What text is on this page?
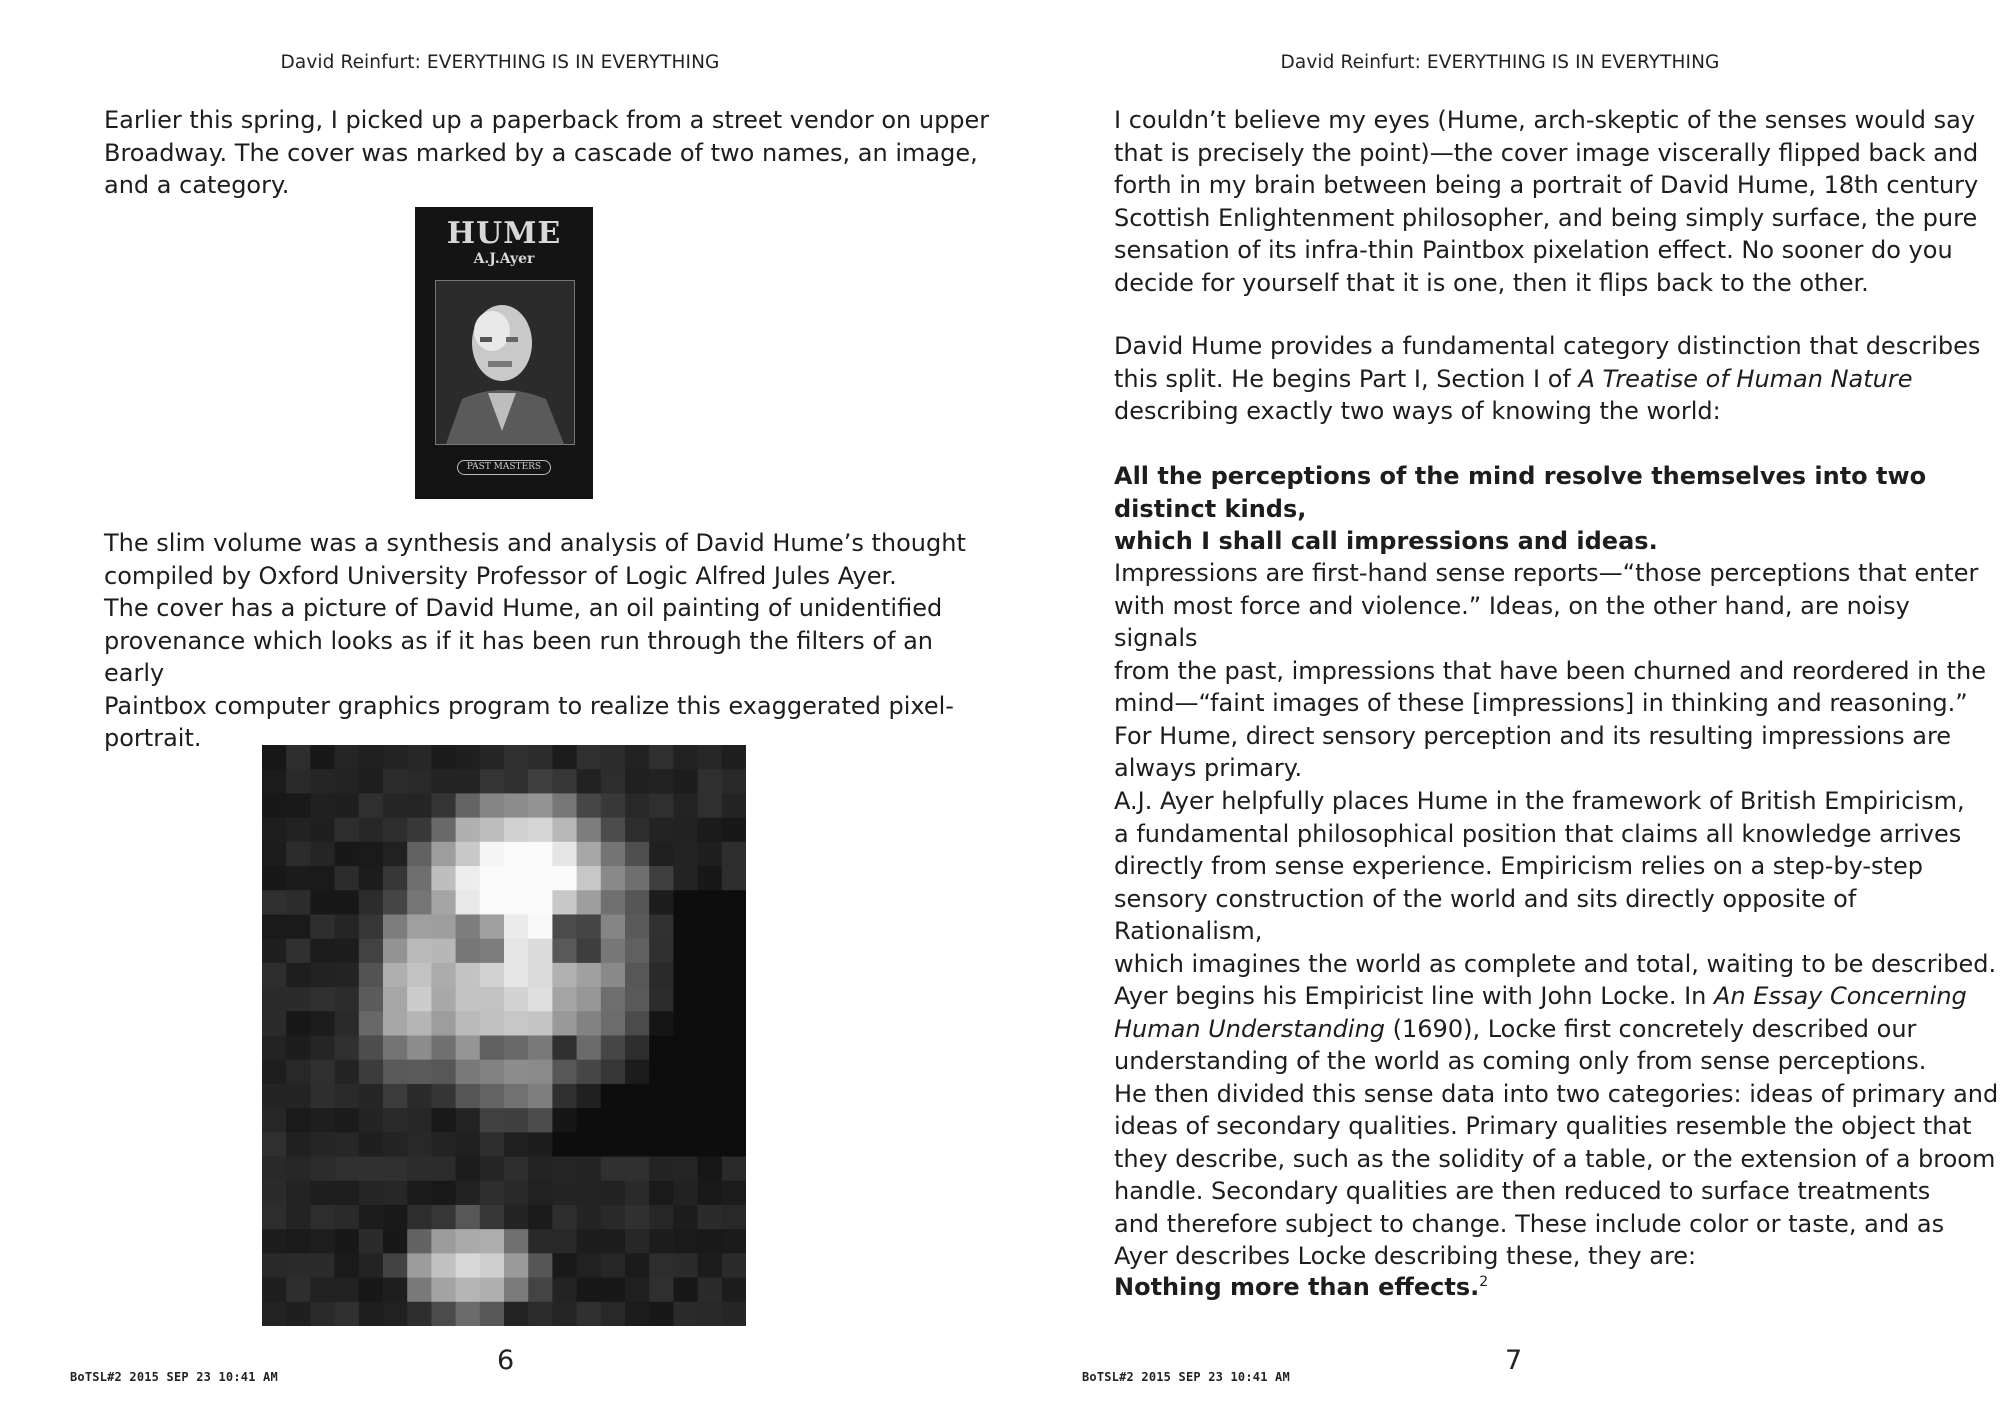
David Reinfurt: EVERYTHING IS IN EVERYTHING

Earlier this spring, I picked up a paperback from a street vendor on upper

Broadway. The cover was marked by a cascade of two names, an image,

and a category.

HUME
A.J.Ayer
PAST MASTERS

The slim volume was a synthesis and analysis of David Hume’s thought

compiled by Oxford University Professor of Logic Alfred Jules Ayer.

The cover has a picture of David Hume, an oil painting of unidentified

provenance which looks as if it has been run through the filters of an early

Paintbox computer graphics program to realize this exaggerated pixel-

portrait.

BoTSL#2 2015 SEP 23 10:41 AM
6
David Reinfurt: EVERYTHING IS IN EVERYTHING

I couldn’t believe my eyes (Hume, arch-skeptic of the senses would say

that is precisely the point)—the cover image viscerally flipped back and

forth in my brain between being a portrait of David Hume, 18th century

Scottish Enlightenment philosopher, and being simply surface, the pure

sensation of its infra-thin Paintbox pixelation effect. No sooner do you

decide for yourself that it is one, then it flips back to the other.

David Hume provides a fundamental category distinction that describes

this split. He begins Part I, Section I of A Treatise of Human Nature

describing exactly two ways of knowing the world:

All the perceptions of the mind resolve themselves into two distinct kinds,

which I shall call impressions and ideas.

Impressions are first-hand sense reports—“those perceptions that enter

with most force and violence.” Ideas, on the other hand, are noisy signals

from the past, impressions that have been churned and reordered in the

mind—“faint images of these [impressions] in thinking and reasoning.”

For Hume, direct sensory perception and its resulting impressions are

always primary.

A.J. Ayer helpfully places Hume in the framework of British Empiricism,

a fundamental philosophical position that claims all knowledge arrives

directly from sense experience. Empiricism relies on a step-by-step

sensory construction of the world and sits directly opposite of Rationalism,

which imagines the world as complete and total, waiting to be described.

Ayer begins his Empiricist line with John Locke. In An Essay Concerning

Human Understanding (1690), Locke first concretely described our

understanding of the world as coming only from sense perceptions.

He then divided this sense data into two categories: ideas of primary and

ideas of secondary qualities. Primary qualities resemble the object that

they describe, such as the solidity of a table, or the extension of a broom

handle. Secondary qualities are then reduced to surface treatments

and therefore subject to change. These include color or taste, and as

Ayer describes Locke describing these, they are:

Nothing more than effects.$^2$

BoTSL#2 2015 SEP 23 10:41 AM
7
